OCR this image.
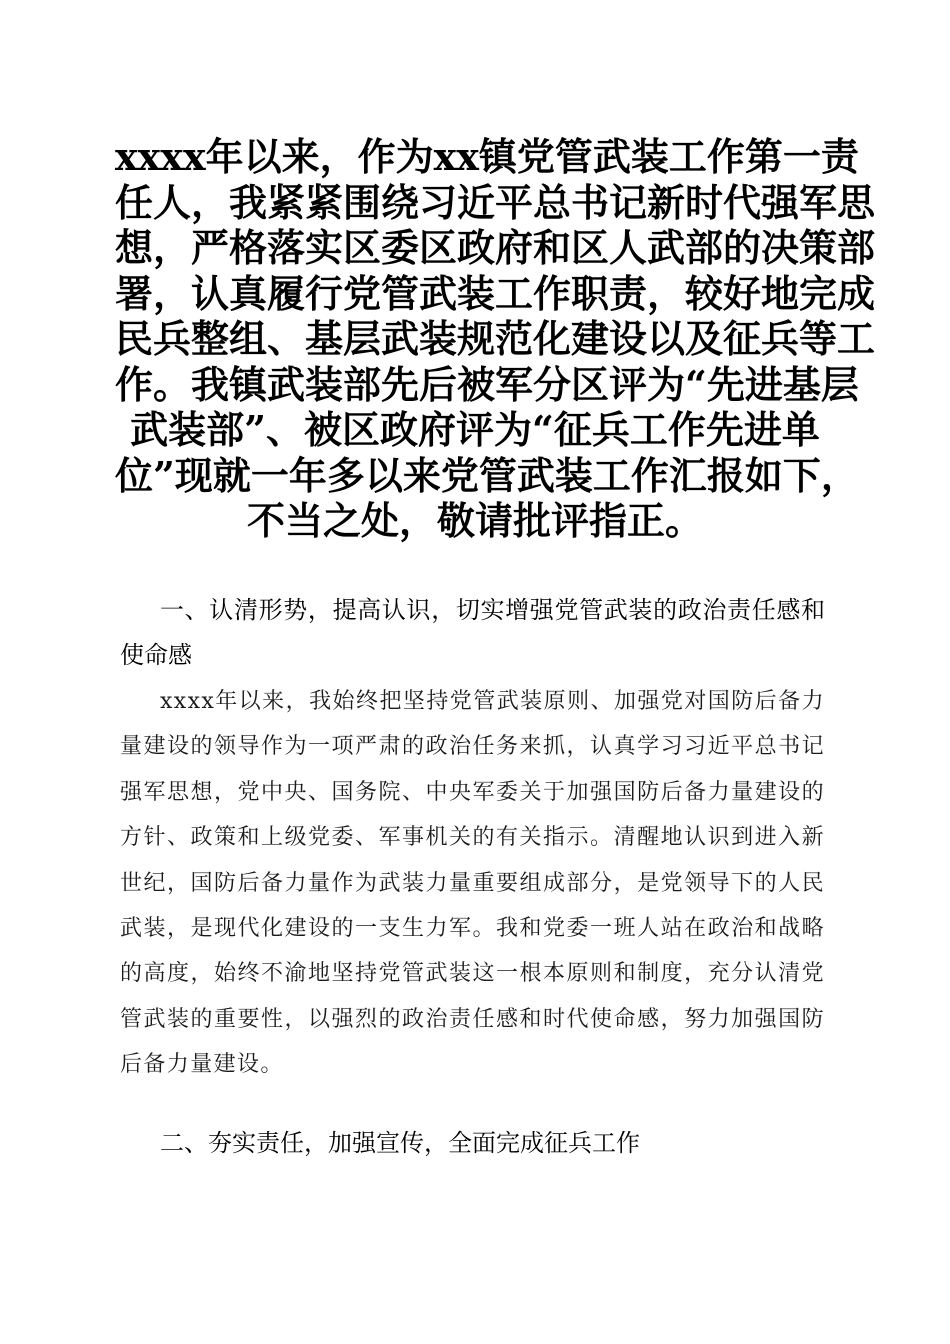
xxxx年以来，作为xx镇党管武装工作第一责
任人，我紧紧围绕习近平总书记新时代强军思
想，严格落实区委区政府和区人武部的决策部
署，认真履行党管武装工作职责，较好地完成
民兵整组、基层武装规范化建设以及征兵等工
作。我镇武装部先后被军分区评为“先进基层
武装部”、被区政府评为“征兵工作先进单
位”现就一年多以来党管武装工作汇报如下，
不当之处，敬请批评指正。

一、认清形势，提高认识，切实增强党管武装的政治责任感和使命感

xxxx年以来，我始终把坚持党管武装原则、加强党对国防后备力量建设的领导作为一项严肃的政治任务来抓，认真学习习近平总书记强军思想，党中央、国务院、中央军委关于加强国防后备力量建设的方针、政策和上级党委、军事机关的有关指示。清醒地认识到进入新世纪，国防后备力量作为武装力量重要组成部分，是党领导下的人民武装，是现代化建设的一支生力军。我和党委一班人站在政治和战略的高度，始终不渝地坚持党管武装这一根本原则和制度，充分认清党管武装的重要性，以强烈的政治责任感和时代使命感，努力加强国防后备力量建设。

二、夯实责任，加强宣传，全面完成征兵工作
